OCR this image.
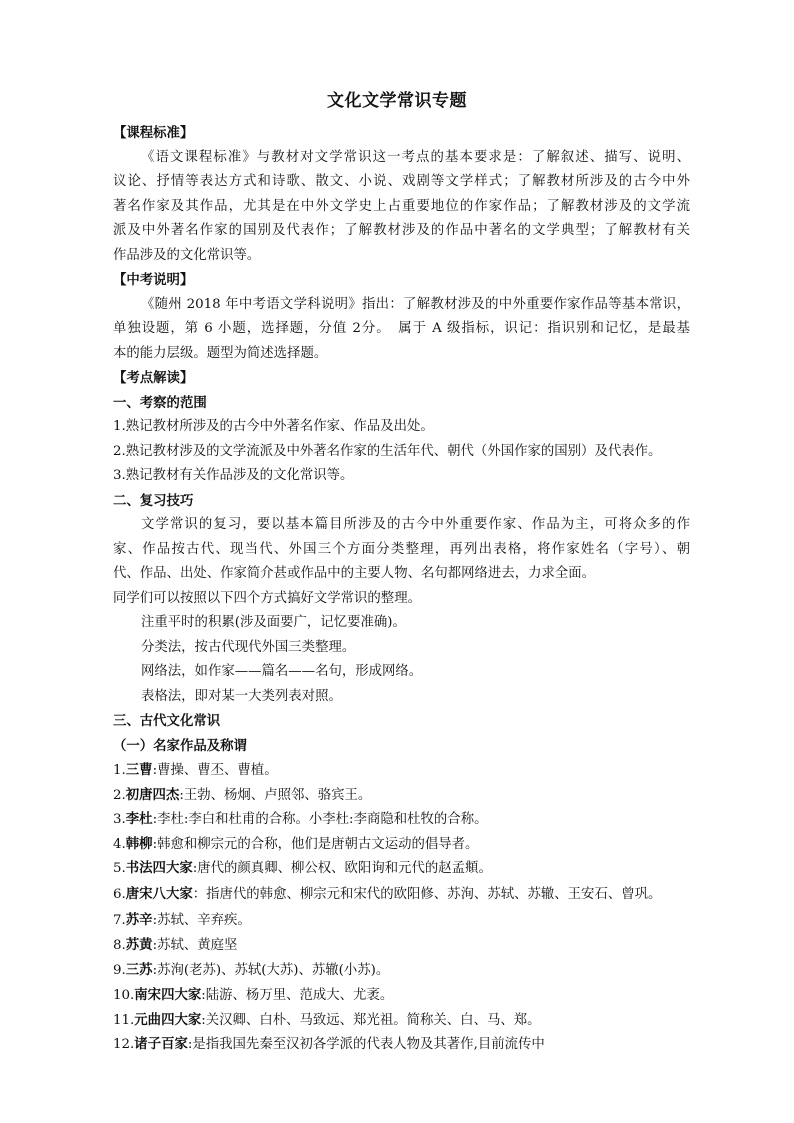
文化文学常识专题
【课程标准】
《语文课程标准》与教材对文学常识这一考点的基本要求是：了解叙述、描写、说明、
议论、抒情等表达方式和诗歌、散文、小说、戏剧等文学样式；了解教材所涉及的古今中外
著名作家及其作品，尤其是在中外文学史上占重要地位的作家作品；了解教材涉及的文学流
派及中外著名作家的国别及代表作；了解教材涉及的作品中著名的文学典型；了解教材有关
作品涉及的文化常识等。
【中考说明】
《随州 2018 年中考语文学科说明》指出：了解教材涉及的中外重要作家作品等基本常识，
单独设题，第 6 小题，选择题，分值 2分。　属于 A 级指标，识记：指识别和记忆，是最基
本的能力层级。题型为简述选择题。
【考点解读】
一、考察的范围
1.熟记教材所涉及的古今中外著名作家、作品及出处。
2.熟记教材涉及的文学流派及中外著名作家的生活年代、朝代（外国作家的国别）及代表作。
3.熟记教材有关作品涉及的文化常识等。
二、复习技巧
文学常识的复习，要以基本篇目所涉及的古今中外重要作家、作品为主，可将众多的作
家、作品按古代、现当代、外国三个方面分类整理，再列出表格，将作家姓名（字号）、朝
代、作品、出处、作家简介甚或作品中的主要人物、名句都网络进去，力求全面。
同学们可以按照以下四个方式搞好文学常识的整理。
注重平时的积累(涉及面要广，记忆要准确)。
分类法，按古代现代外国三类整理。
网络法，如作家——篇名——名句，形成网络。
表格法，即对某一大类列表对照。
三、古代文化常识
（一）名家作品及称谓
1.三曹:曹操、曹丕、曹植。
2.初唐四杰:王勃、杨炯、卢照邻、骆宾王。
3.李杜:李杜:李白和杜甫的合称。小李杜:李商隐和杜牧的合称。
4.韩柳:韩愈和柳宗元的合称，他们是唐朝古文运动的倡导者。
5.书法四大家:唐代的颜真卿、柳公权、欧阳询和元代的赵孟頫。
6.唐宋八大家：指唐代的韩愈、柳宗元和宋代的欧阳修、苏洵、苏轼、苏辙、王安石、曾巩。
7.苏辛:苏轼、辛弃疾。
8.苏黄:苏轼、黄庭坚
9.三苏:苏洵(老苏)、苏轼(大苏)、苏辙(小苏)。
10.南宋四大家:陆游、杨万里、范成大、尤袤。
11.元曲四大家:关汉卿、白朴、马致远、郑光祖。简称关、白、马、郑。
12.诸子百家:是指我国先秦至汉初各学派的代表人物及其著作,目前流传中
